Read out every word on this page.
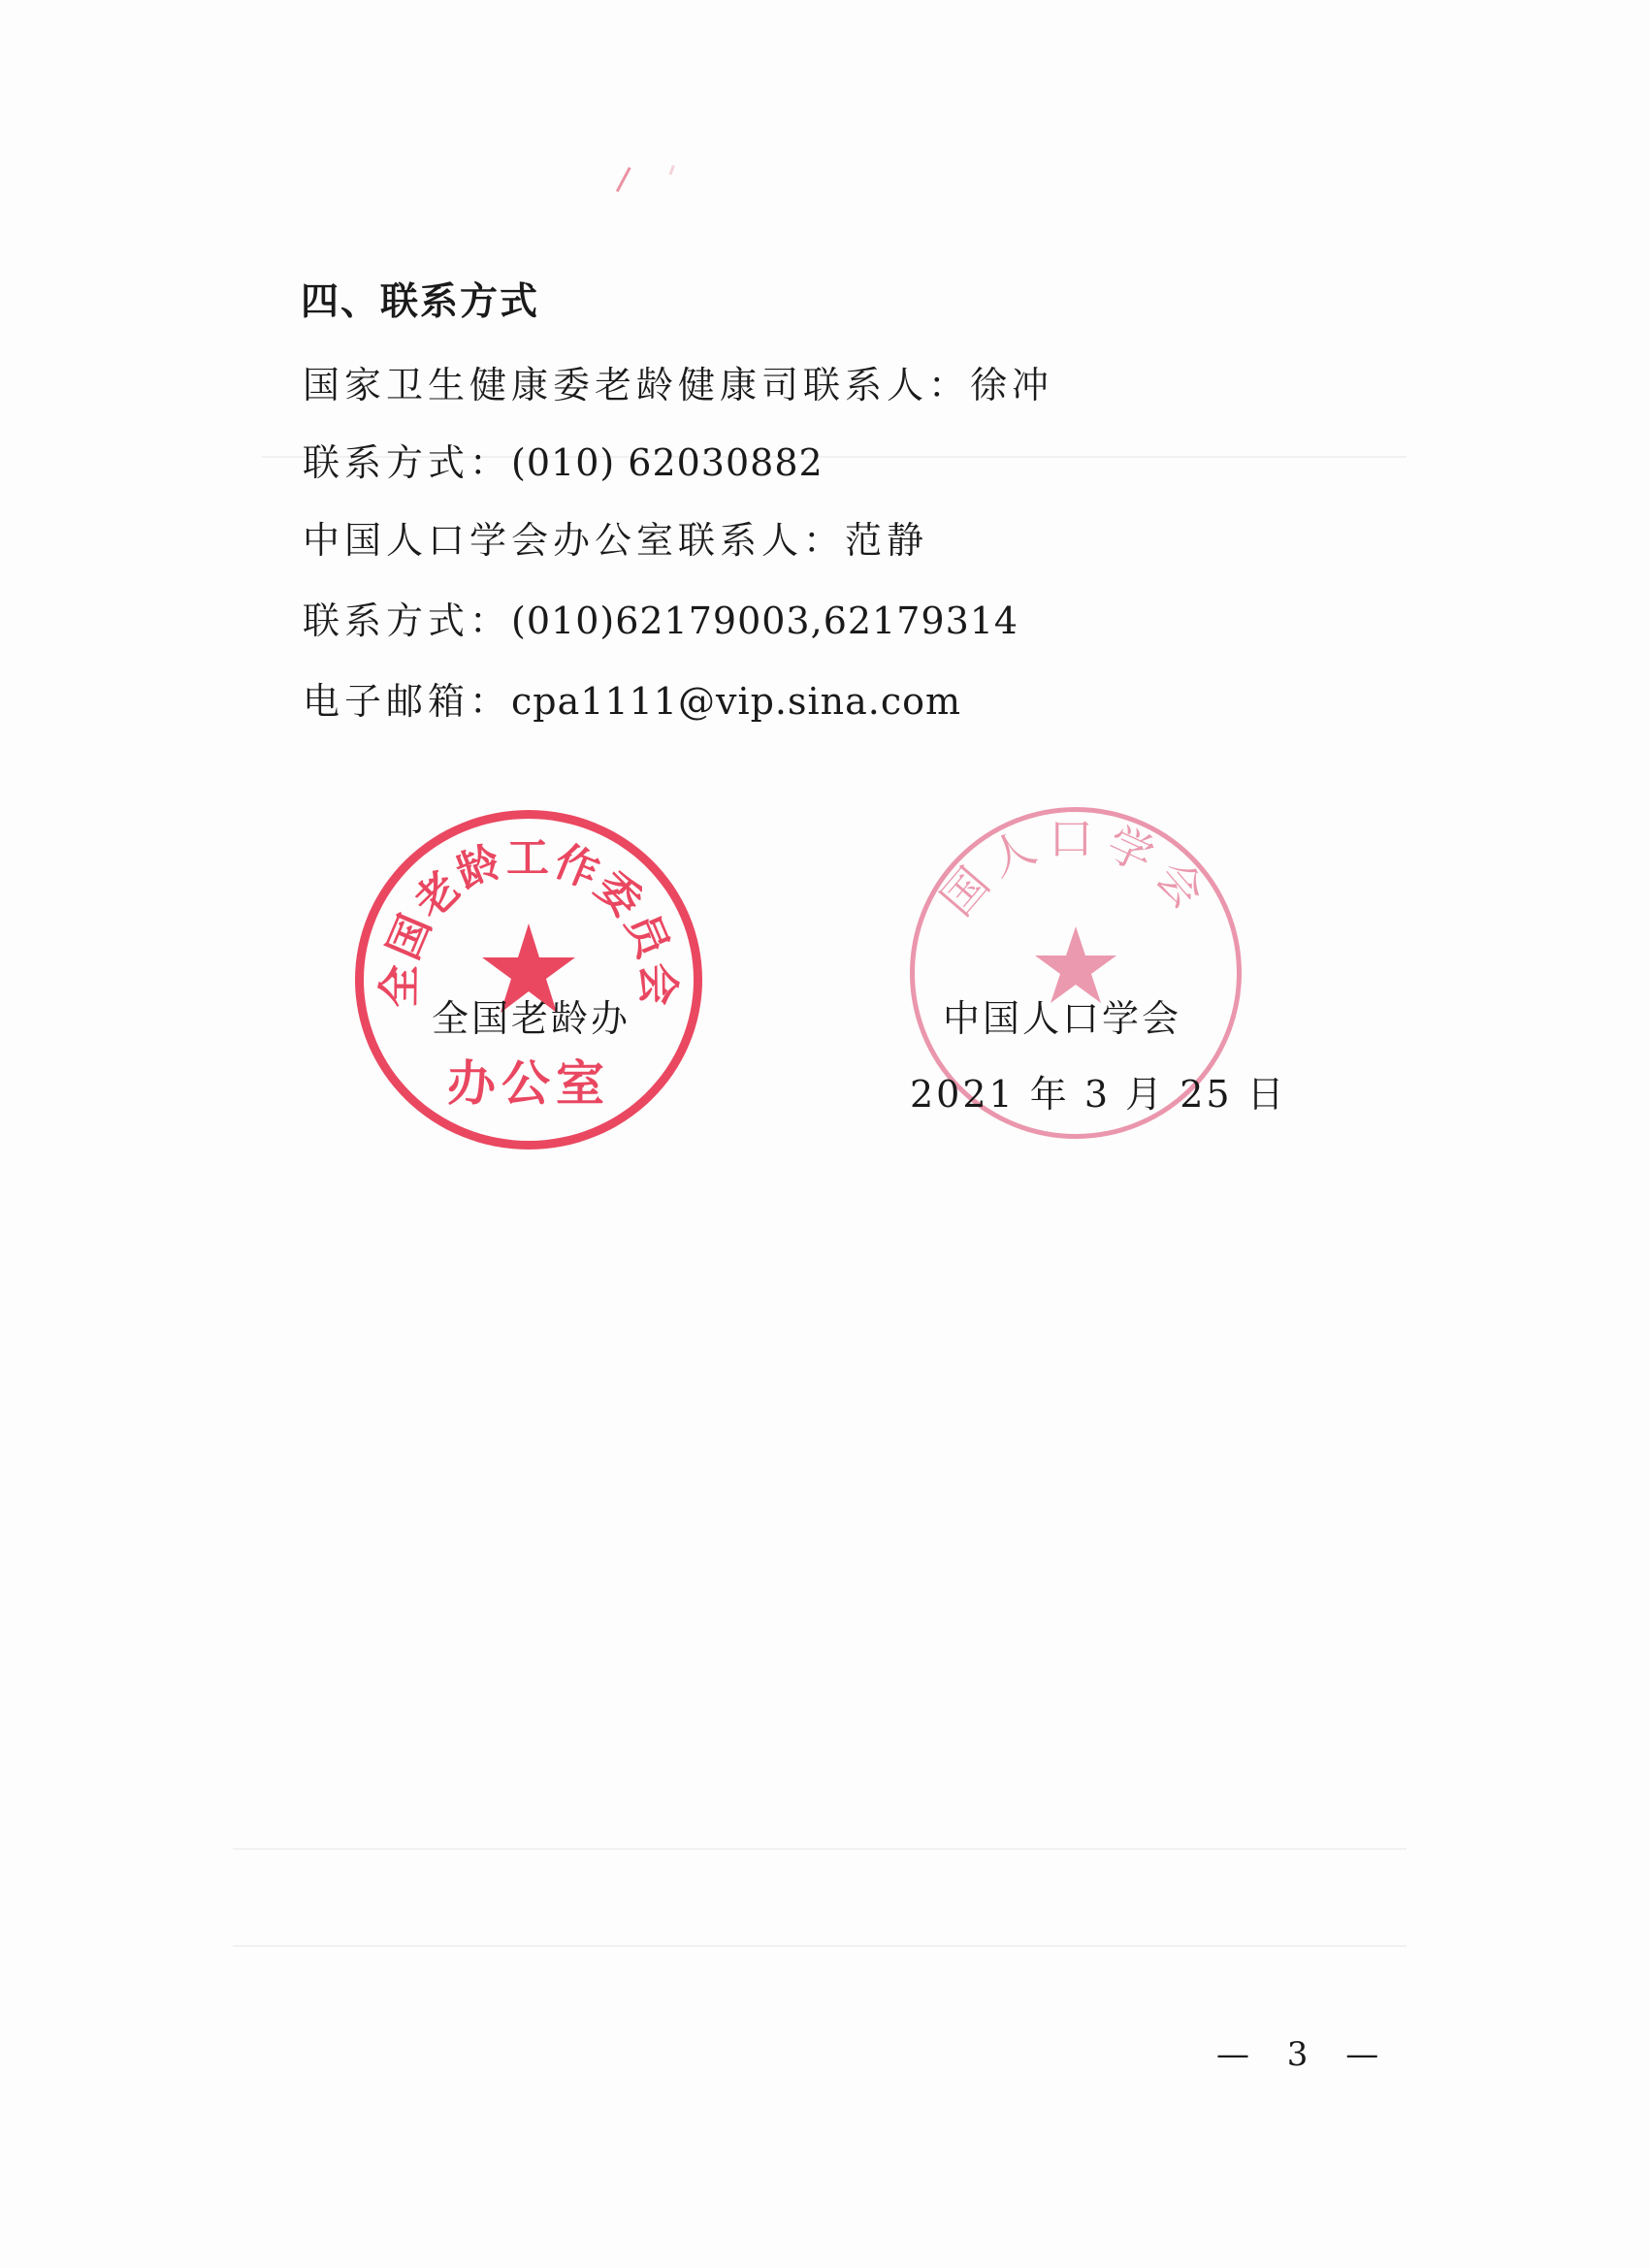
四、联系方式
国家卫生健康委老龄健康司联系人：徐冲
联系方式：(010) 62030882
中国人口学会办公室联系人：范静
联系方式：(010)62179003,62179314
电子邮箱：cpa1111@vip.sina.com
全国老龄工作委员会
办公室
国人口学会
全国老龄办	中国人口学会
2021 年 3 月 25 日
— 3 —
